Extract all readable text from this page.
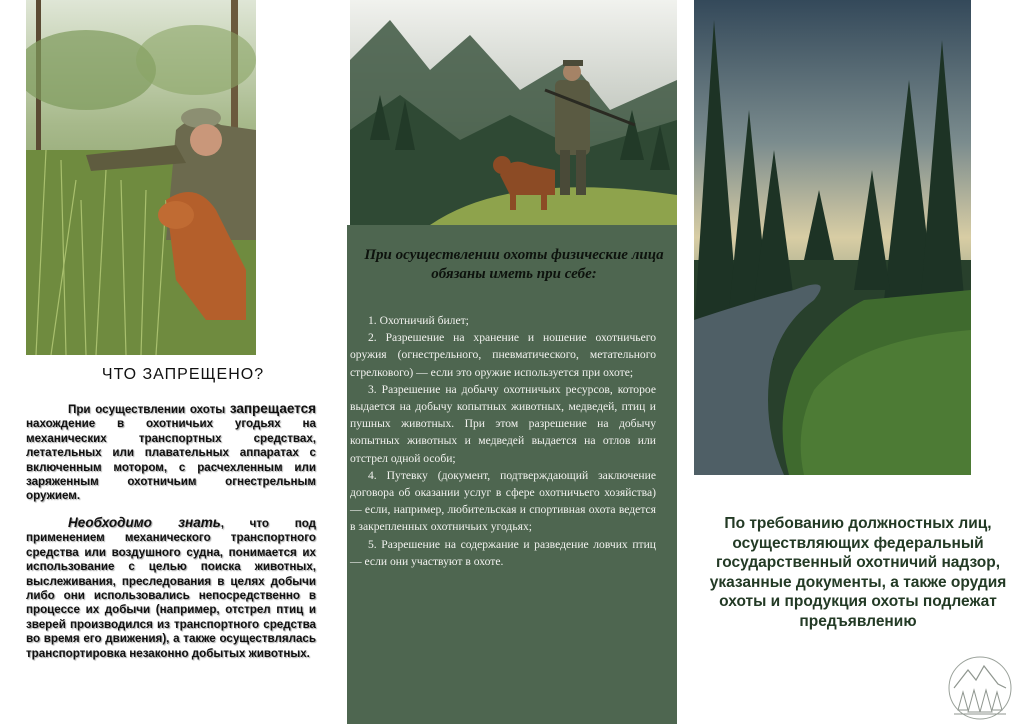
ЧТО ЗАПРЕЩЕНО?

При осуществлении охоты запрещается нахождение в охотничьих угодьях на механических транспортных средствах, летательных или плавательных аппаратах с включенным мотором, с расчехленным или заряженным охотничьим огнестрельным оружием.

Необходимо знать, что под применением механического транспортного средства или воздушного судна, понимается их использование с целью поиска животных, выслеживания, преследования в целях добычи либо они использовались непосредственно в процессе их добычи (например, отстрел птиц и зверей производился из транспортного средства во время его движения), а также осуществлялась транспортировка незаконно добытых животных.

При осуществлении охоты физические лица обязаны иметь при себе:
1. Охотничий билет;
2. Разрешение на хранение и ношение охотничьего оружия (огнестрельного, пневматического, метательного стрелкового) — если это оружие используется при охоте;
3. Разрешение на добычу охотничьих ресурсов, которое выдается на добычу копытных животных, медведей, птиц и пушных животных. При этом разрешение на добычу копытных животных и медведей выдается на отлов или отстрел одной особи;
4. Путевку (документ, подтверждающий заключение договора об оказании услуг в сфере охотничьего хозяйства) — если, например, любительская и спортивная охота ведется в закрепленных охотничьих угодьях;
5. Разрешение на содержание и разведение ловчих птиц — если они участвуют в охоте.
По требованию должностных лиц, осуществляющих федеральный государственный охотничий надзор, указанные документы, а также орудия охоты и продукция охоты подлежат предъявлению
